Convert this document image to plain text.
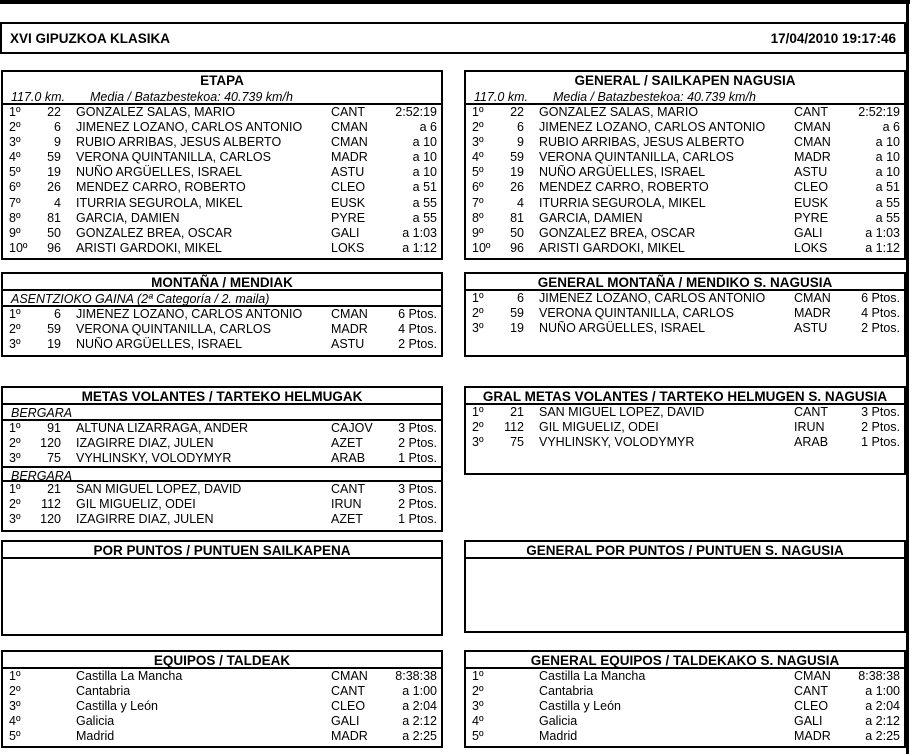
XVI GIPUZKOA KLASIKA	17/04/2010 19:17:46
ETAPA
117.0 km.	Media / Batazbestekoa: 40.739 km/h
1º	22	GONZALEZ SALAS, MARIO	CANT	2:52:19
2º	6	JIMENEZ LOZANO, CARLOS ANTONIO	CMAN	a 6
3º	9	RUBIO ARRIBAS, JESUS ALBERTO	CMAN	a 10
4º	59	VERONA QUINTANILLA, CARLOS	MADR	a 10
5º	19	NUÑO ARGÜELLES, ISRAEL	ASTU	a 10
6º	26	MENDEZ CARRO, ROBERTO	CLEO	a 51
7º	4	ITURRIA SEGUROLA, MIKEL	EUSK	a 55
8º	81	GARCIA, DAMIEN	PYRE	a 55
9º	50	GONZALEZ BREA, OSCAR	GALI	a 1:03
10º	96	ARISTI GARDOKI, MIKEL	LOKS	a 1:12
MONTAÑA / MENDIAK
ASENTZIOKO GAINA (2ª Categoría / 2. maila)
1º	6	JIMENEZ LOZANO, CARLOS ANTONIO	CMAN	6 Ptos.
2º	59	VERONA QUINTANILLA, CARLOS	MADR	4 Ptos.
3º	19	NUÑO ARGÜELLES, ISRAEL	ASTU	2 Ptos.
METAS VOLANTES / TARTEKO HELMUGAK
BERGARA
1º	91	ALTUNA LIZARRAGA, ANDER	CAJOV	3 Ptos.
2º	120	IZAGIRRE DIAZ, JULEN	AZET	2 Ptos.
3º	75	VYHLINSKY, VOLODYMYR	ARAB	1 Ptos.
BERGARA
1º	21	SAN MIGUEL LOPEZ, DAVID	CANT	3 Ptos.
2º	112	GIL MIGUELIZ, ODEI	IRUN	2 Ptos.
3º	120	IZAGIRRE DIAZ, JULEN	AZET	1 Ptos.
POR PUNTOS / PUNTUEN SAILKAPENA
EQUIPOS / TALDEAK
1º	Castilla La Mancha	CMAN	8:38:38
2º	Cantabria	CANT	a 1:00
3º	Castilla y León	CLEO	a 2:04
4º	Galicia	GALI	a 2:12
5º	Madrid	MADR	a 2:25
GENERAL / SAILKAPEN NAGUSIA
117.0 km.	Media / Batazbestekoa: 40.739 km/h
1º	22	GONZALEZ SALAS, MARIO	CANT	2:52:19
2º	6	JIMENEZ LOZANO, CARLOS ANTONIO	CMAN	a 6
3º	9	RUBIO ARRIBAS, JESUS ALBERTO	CMAN	a 10
4º	59	VERONA QUINTANILLA, CARLOS	MADR	a 10
5º	19	NUÑO ARGÜELLES, ISRAEL	ASTU	a 10
6º	26	MENDEZ CARRO, ROBERTO	CLEO	a 51
7º	4	ITURRIA SEGUROLA, MIKEL	EUSK	a 55
8º	81	GARCIA, DAMIEN	PYRE	a 55
9º	50	GONZALEZ BREA, OSCAR	GALI	a 1:03
10º	96	ARISTI GARDOKI, MIKEL	LOKS	a 1:12
GENERAL MONTAÑA / MENDIKO S. NAGUSIA
1º	6	JIMENEZ LOZANO, CARLOS ANTONIO	CMAN	6 Ptos.
2º	59	VERONA QUINTANILLA, CARLOS	MADR	4 Ptos.
3º	19	NUÑO ARGÜELLES, ISRAEL	ASTU	2 Ptos.
GRAL METAS VOLANTES / TARTEKO HELMUGEN S. NAGUSIA
1º	21	SAN MIGUEL LOPEZ, DAVID	CANT	3 Ptos.
2º	112	GIL MIGUELIZ, ODEI	IRUN	2 Ptos.
3º	75	VYHLINSKY, VOLODYMYR	ARAB	1 Ptos.
GENERAL POR PUNTOS / PUNTUEN S. NAGUSIA
GENERAL EQUIPOS / TALDEKAKO S. NAGUSIA
1º	Castilla La Mancha	CMAN	8:38:38
2º	Cantabria	CANT	a 1:00
3º	Castilla y León	CLEO	a 2:04
4º	Galicia	GALI	a 2:12
5º	Madrid	MADR	a 2:25
